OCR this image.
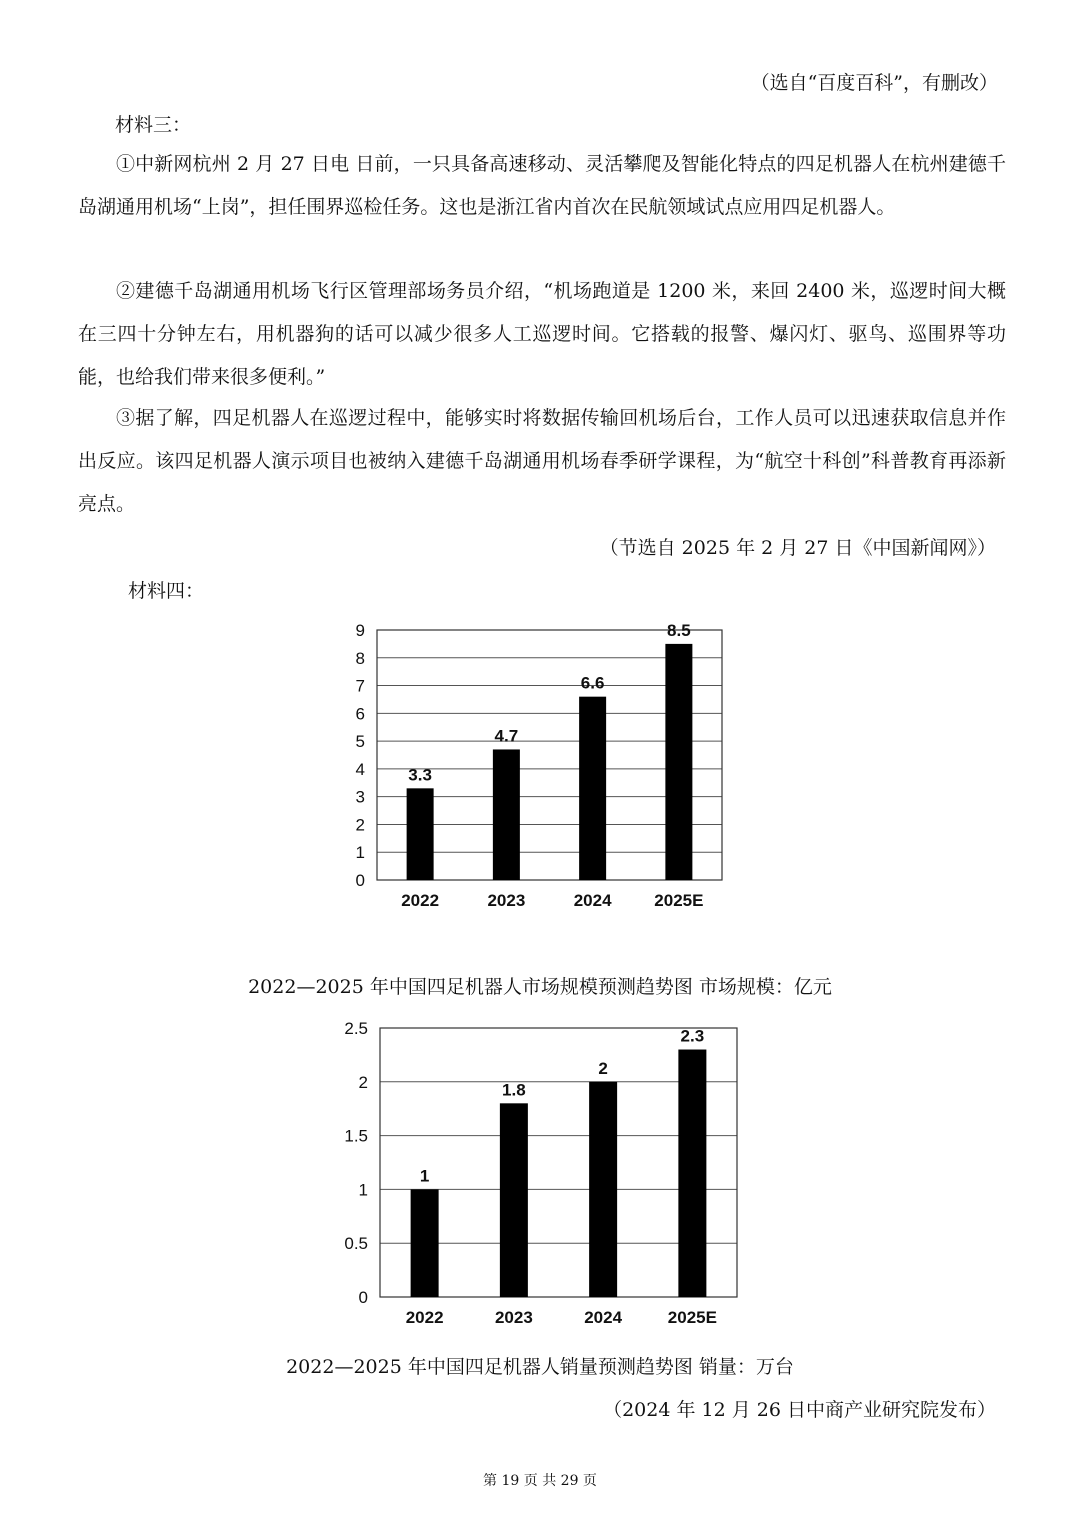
（选自“百度百科”，有删改）
材料三：

①中新网杭州 2 月 27 日电 日前，一只具备高速移动、灵活攀爬及智能化特点的四足机器人在杭州建德千岛湖通用机场“上岗”，担任围界巡检任务。这也是浙江省内首次在民航领域试点应用四足机器人。

②建德千岛湖通用机场飞行区管理部场务员介绍，“机场跑道是 1200 米，来回 2400 米，巡逻时间大概在三四十分钟左右，用机器狗的话可以减少很多人工巡逻时间。它搭载的报警、爆闪灯、驱鸟、巡围界等功能，也给我们带来很多便利。”

③据了解，四足机器人在巡逻过程中，能够实时将数据传输回机场后台，工作人员可以迅速获取信息并作出反应。该四足机器人演示项目也被纳入建德千岛湖通用机场春季研学课程，为“航空十科创”科普教育再添新亮点。

（节选自 2025 年 2 月 27 日《中国新闻网》）
材料四：
0
1
2
3
4
5
6
7
8
9
3.3
2022
4.7
2023
6.6
2024
8.5
2025E
2022—2025 年中国四足机器人市场规模预测趋势图 市场规模：亿元
0
0.5
1
1.5
2
2.5
1
2022
1.8
2023
2
2024
2.3
2025E
2022—2025 年中国四足机器人销量预测趋势图 销量：万台
（2024 年 12 月 26 日中商产业研究院发布）
第 19 页 共 29 页
